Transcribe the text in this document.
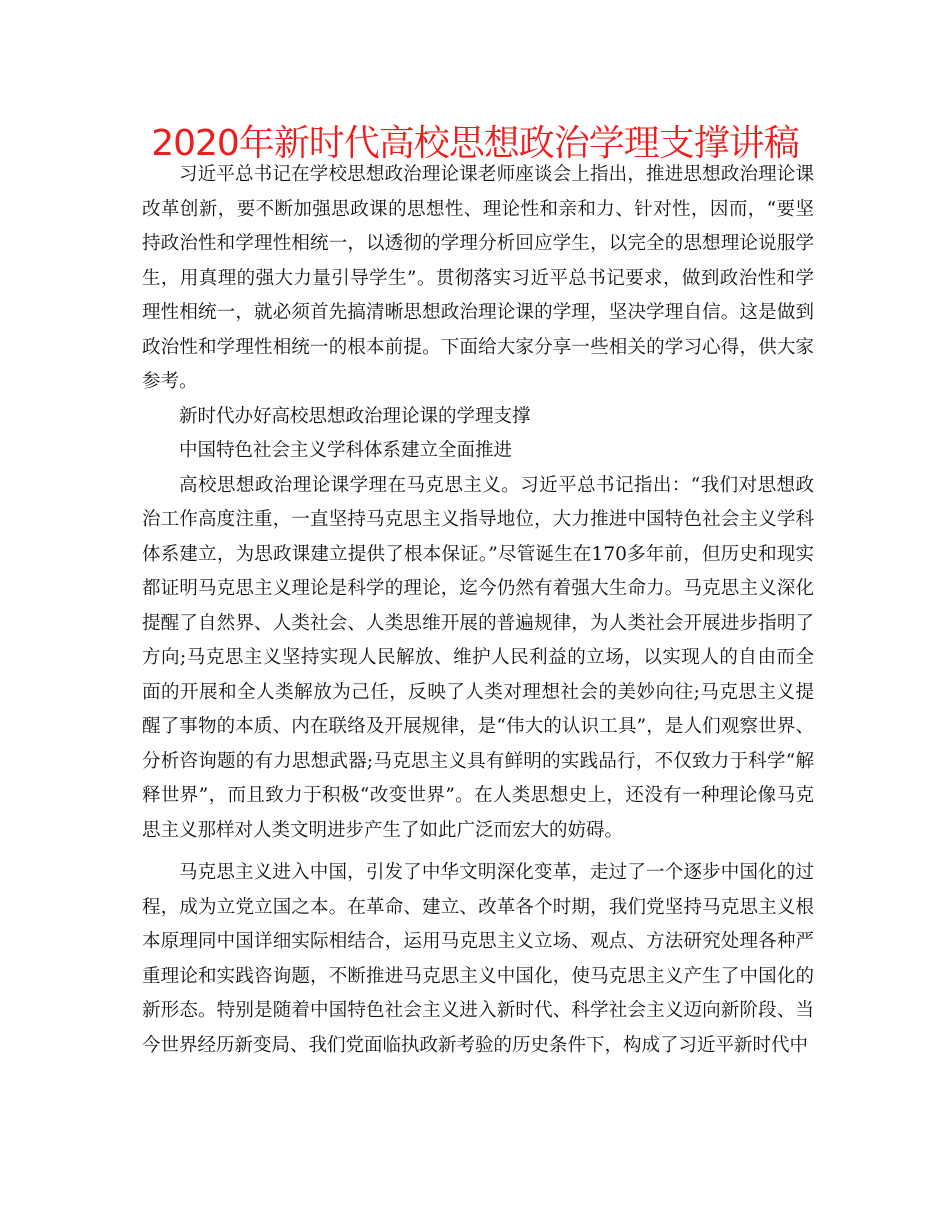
2020年新时代高校思想政治学理支撑讲稿

习近平总书记在学校思想政治理论课老师座谈会上指出，推进思想政治理论课改革创新，要不断加强思政课的思想性、理论性和亲和力、针对性，因而，“要坚持政治性和学理性相统一，以透彻的学理分析回应学生，以完全的思想理论说服学生，用真理的强大力量引导学生”。贯彻落实习近平总书记要求，做到政治性和学理性相统一，就必须首先搞清晰思想政治理论课的学理，坚决学理自信。这是做到政治性和学理性相统一的根本前提。下面给大家分享一些相关的学习心得，供大家参考。

新时代办好高校思想政治理论课的学理支撑

中国特色社会主义学科体系建立全面推进

高校思想政治理论课学理在马克思主义。习近平总书记指出：“我们对思想政治工作高度注重，一直坚持马克思主义指导地位，大力推进中国特色社会主义学科体系建立，为思政课建立提供了根本保证。”尽管诞生在170多年前，但历史和现实都证明马克思主义理论是科学的理论，迄今仍然有着强大生命力。马克思主义深化提醒了自然界、人类社会、人类思维开展的普遍规律，为人类社会开展进步指明了方向;马克思主义坚持实现人民解放、维护人民利益的立场，以实现人的自由而全面的开展和全人类解放为己任，反映了人类对理想社会的美妙向往;马克思主义提醒了事物的本质、内在联络及开展规律，是“伟大的认识工具”，是人们观察世界、分析咨询题的有力思想武器;马克思主义具有鲜明的实践品行，不仅致力于科学“解释世界”，而且致力于积极“改变世界”。在人类思想史上，还没有一种理论像马克思主义那样对人类文明进步产生了如此广泛而宏大的妨碍。

马克思主义进入中国，引发了中华文明深化变革，走过了一个逐步中国化的过程，成为立党立国之本。在革命、建立、改革各个时期，我们党坚持马克思主义根本原理同中国详细实际相结合，运用马克思主义立场、观点、方法研究处理各种严重理论和实践咨询题，不断推进马克思主义中国化，使马克思主义产生了中国化的新形态。特别是随着中国特色社会主义进入新时代、科学社会主义迈向新阶段、当今世界经历新变局、我们党面临执政新考验的历史条件下，构成了习近平新时代中
